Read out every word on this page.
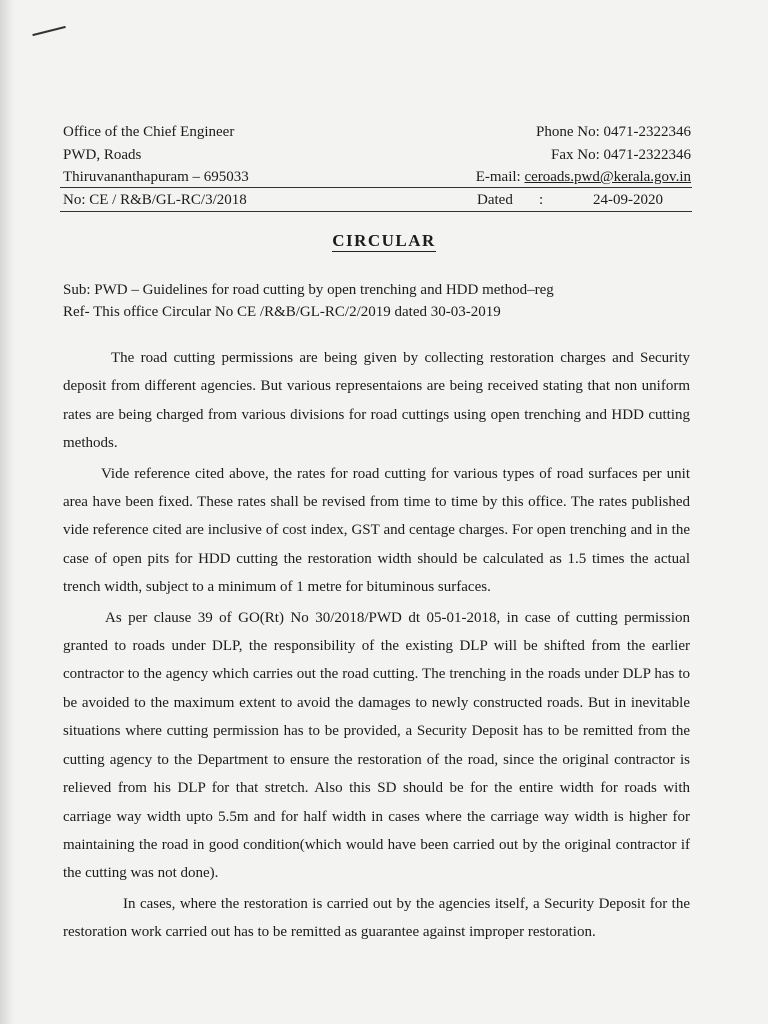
Office of the Chief Engineer	Phone No: 0471-2322346
PWD, Roads	Fax No: 0471-2322346
Thiruvananthapuram – 695033	E-mail: ceroads.pwd@kerala.gov.in
No: CE / R&B/GL-RC/3/2018	Dated	:	24-09-2020
CIRCULAR
Sub: PWD – Guidelines for road cutting by open trenching and HDD method–reg
Ref- This office Circular No CE /R&B/GL-RC/2/2019 dated 30-03-2019

The road cutting permissions are being given by collecting restoration charges and Security deposit from different agencies. But various representaions are being received stating that non uniform rates are being charged from various divisions for road cuttings using open trenching and HDD cutting methods.

Vide reference cited above, the rates for road cutting for various types of road surfaces per unit area have been fixed. These rates shall be revised from time to time by this office. The rates published vide reference cited are inclusive of cost index, GST and centage charges. For open trenching and in the case of open pits for HDD cutting the restoration width should be calculated as 1.5 times the actual trench width, subject to a minimum of 1 metre for bituminous surfaces.

As per clause 39 of GO(Rt) No 30/2018/PWD dt 05-01-2018, in case of cutting permission granted to roads under DLP, the responsibility of the existing DLP will be shifted from the earlier contractor to the agency which carries out the road cutting. The trenching in the roads under DLP has to be avoided to the maximum extent to avoid the damages to newly constructed roads. But in inevitable situations where cutting permission has to be provided, a Security Deposit has to be remitted from the cutting agency to the Department to ensure the restoration of the road, since the original contractor is relieved from his DLP for that stretch. Also this SD should be for the entire width for roads with carriage way width upto 5.5m and for half width in cases where the carriage way width is higher for maintaining the road in good condition(which would have been carried out by the original contractor if the cutting was not done).

In cases, where the restoration is carried out by the agencies itself, a Security Deposit for the restoration work carried out has to be remitted as guarantee against improper restoration.
